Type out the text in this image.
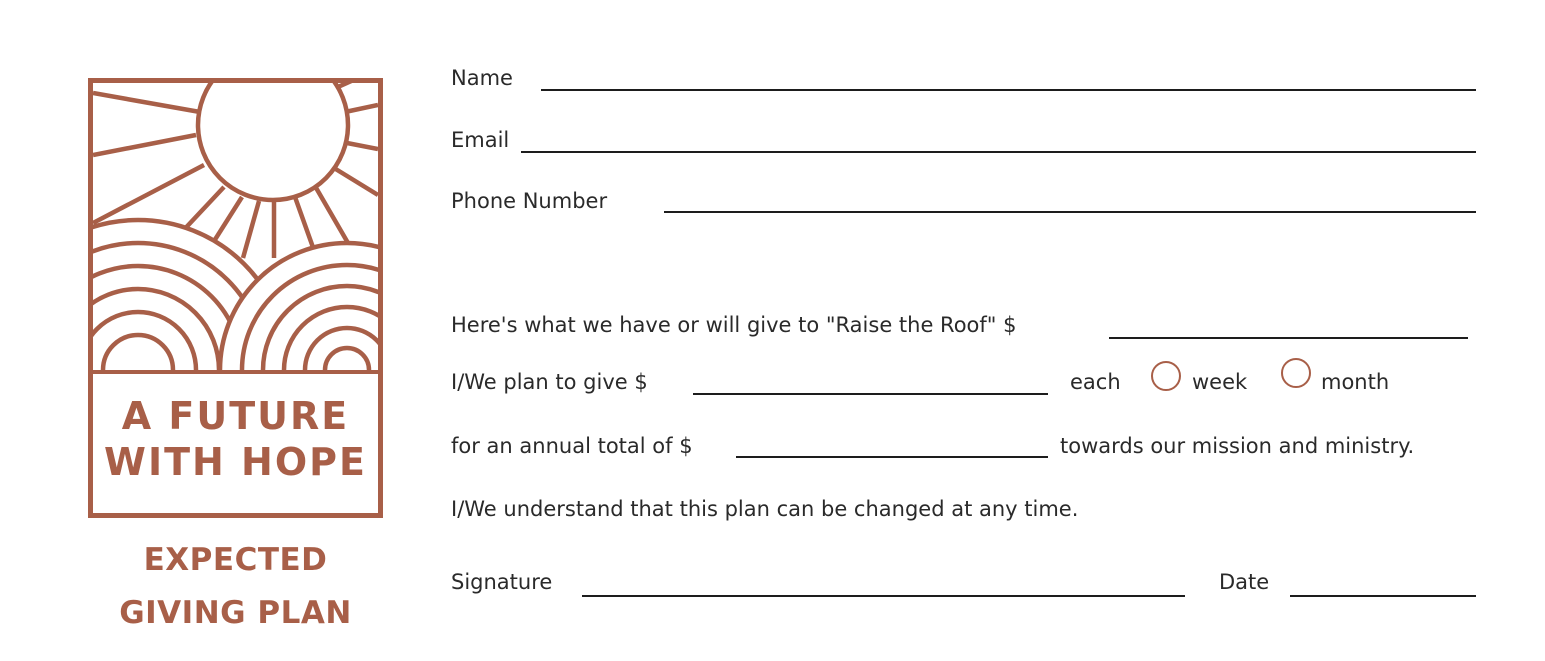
A FUTURE
WITH HOPE
EXPECTED
GIVING PLAN
Name
Email
Phone Number
Here's what we have or will give to "Raise the Roof" $
I/We plan to give $	each	week	month
for an annual total of $	towards our mission and ministry.
I/We understand that this plan can be changed at any time.
Signature	Date
